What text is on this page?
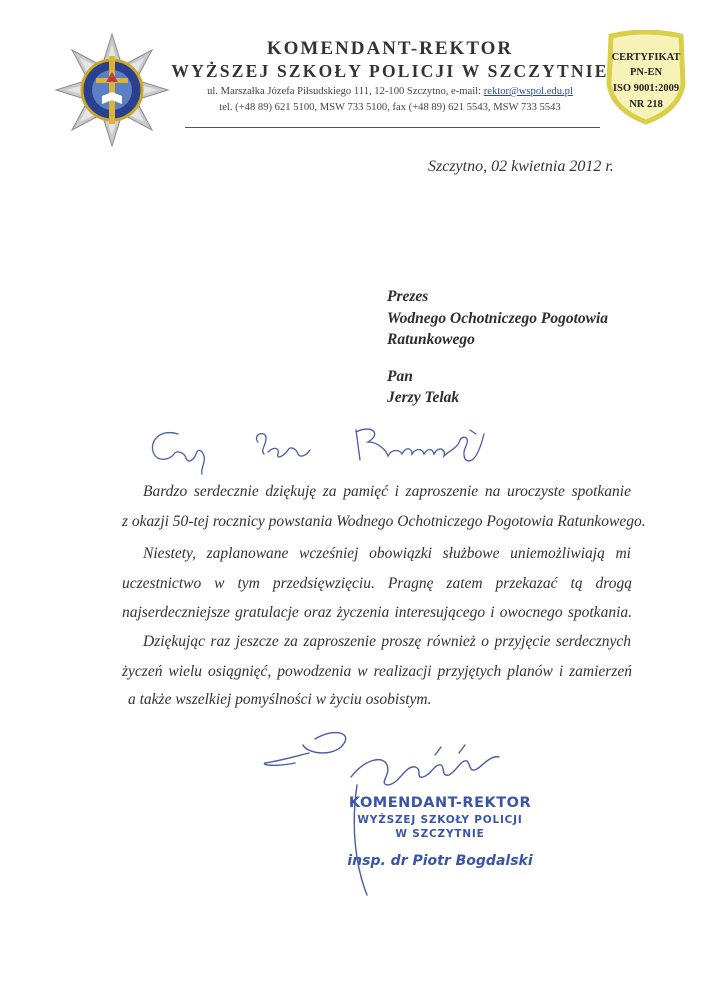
KOMENDANT-REKTOR
WYŻSZEJ SZKOŁY POLICJI W SZCZYTNIE
ul. Marszałka Józefa Piłsudskiego 111, 12-100 Szczytno, e-mail: rektor@wspol.edu.pl
tel. (+48 89) 621 5100, MSW 733 5100, fax (+48 89) 621 5543, MSW 733 5543
CERTYFIKAT
PN-EN
ISO 9001:2009
NR 218
Szczytno, 02 kwietnia 2012 r.
Prezes
Wodnego Ochotniczego Pogotowia
Ratunkowego
Pan
Jerzy Telak
Bardzo serdecznie dziękuję za pamięć i zaproszenie na uroczyste spotkanie
z okazji 50-tej rocznicy powstania Wodnego Ochotniczego Pogotowia Ratunkowego.
Niestety, zaplanowane wcześniej obowiązki służbowe uniemożliwiają mi
uczestnictwo w tym przedsięwzięciu. Pragnę zatem przekazać tą drogą
najserdeczniejsze gratulacje oraz życzenia interesującego i owocnego spotkania.
Dziękując raz jeszcze za zaproszenie proszę również o przyjęcie serdecznych
życzeń wielu osiągnięć, powodzenia w realizacji przyjętych planów i zamierzeń
a także wszelkiej pomyślności w życiu osobistym.
KOMENDANT-REKTOR
WYŻSZEJ SZKOŁY POLICJI
W SZCZYTNIE
insp. dr Piotr Bogdalski
